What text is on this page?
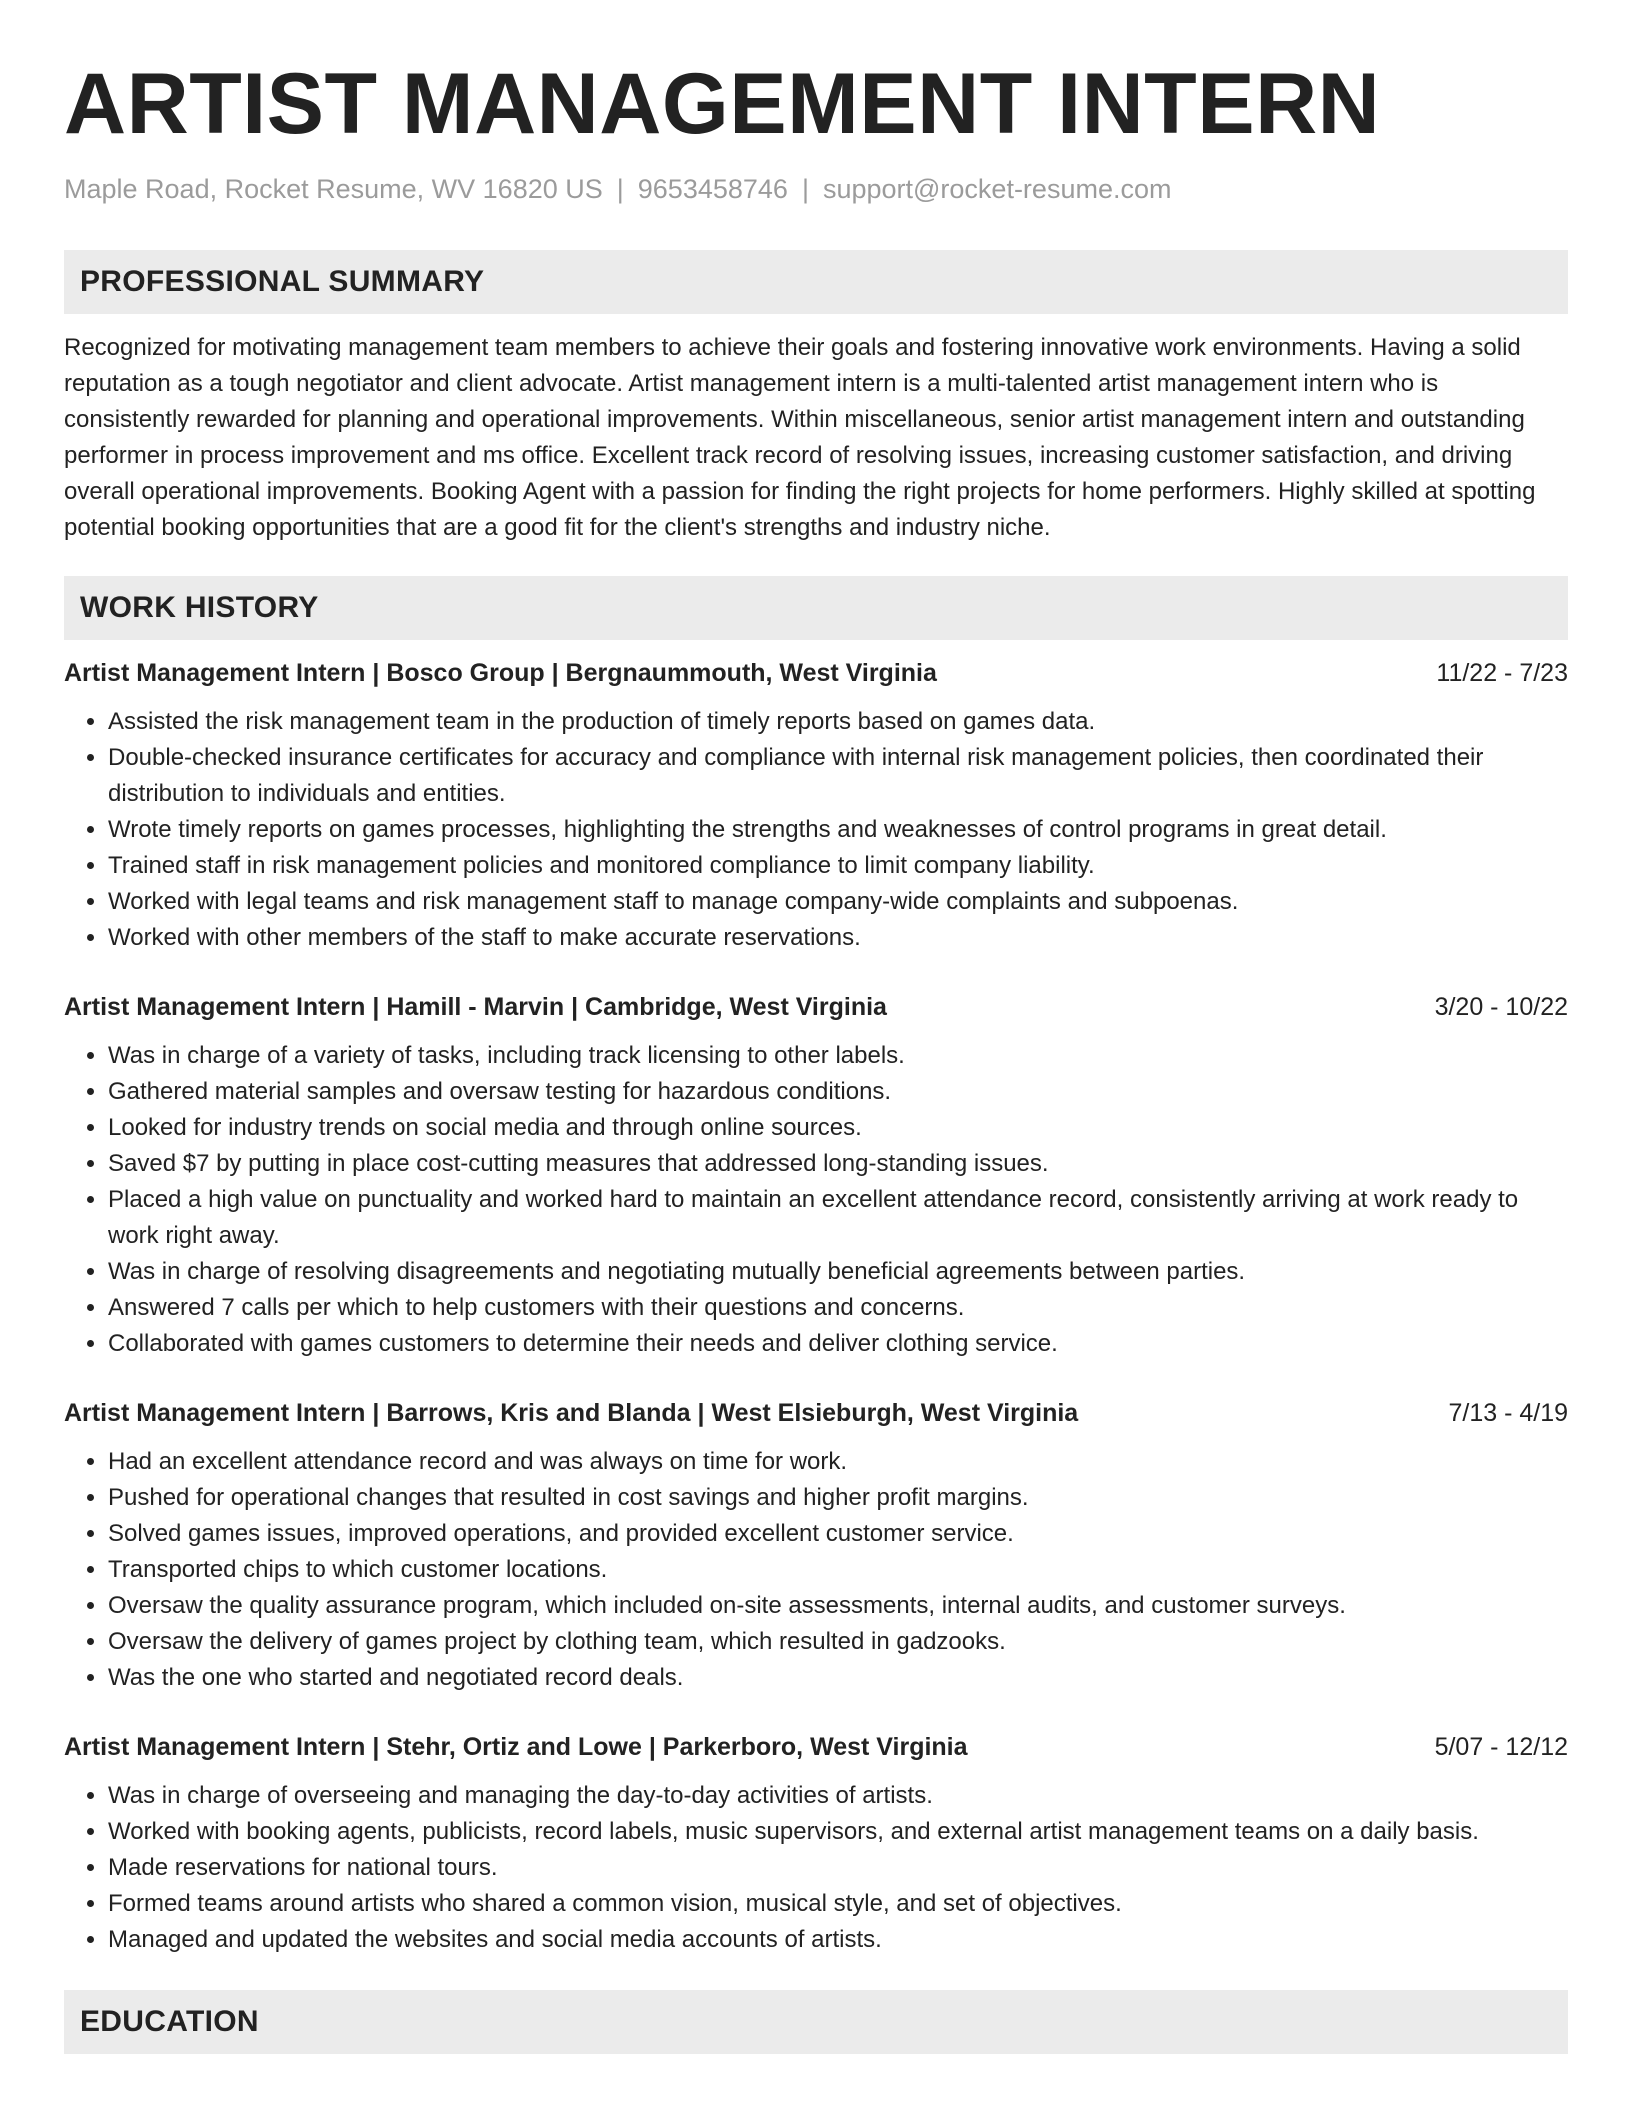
ARTIST MANAGEMENT INTERN
Maple Road, Rocket Resume, WV 16820 US | 9653458746 | support@rocket-resume.com
PROFESSIONAL SUMMARY

Recognized for motivating management team members to achieve their goals and fostering innovative work environments. Having a solid reputation as a tough negotiator and client advocate. Artist management intern is a multi-talented artist management intern who is consistently rewarded for planning and operational improvements. Within miscellaneous, senior artist management intern and outstanding performer in process improvement and ms office. Excellent track record of resolving issues, increasing customer satisfaction, and driving overall operational improvements. Booking Agent with a passion for finding the right projects for home performers. Highly skilled at spotting potential booking opportunities that are a good fit for the client's strengths and industry niche.

WORK HISTORY
Artist Management Intern | Bosco Group | Bergnaummouth, West Virginia	11/22 - 7/23
• Assisted the risk management team in the production of timely reports based on games data.
• Double-checked insurance certificates for accuracy and compliance with internal risk management policies, then coordinated their distribution to individuals and entities.
• Wrote timely reports on games processes, highlighting the strengths and weaknesses of control programs in great detail.
• Trained staff in risk management policies and monitored compliance to limit company liability.
• Worked with legal teams and risk management staff to manage company-wide complaints and subpoenas.
• Worked with other members of the staff to make accurate reservations.
Artist Management Intern | Hamill - Marvin | Cambridge, West Virginia	3/20 - 10/22
• Was in charge of a variety of tasks, including track licensing to other labels.
• Gathered material samples and oversaw testing for hazardous conditions.
• Looked for industry trends on social media and through online sources.
• Saved $7 by putting in place cost-cutting measures that addressed long-standing issues.
• Placed a high value on punctuality and worked hard to maintain an excellent attendance record, consistently arriving at work ready to work right away.
• Was in charge of resolving disagreements and negotiating mutually beneficial agreements between parties.
• Answered 7 calls per which to help customers with their questions and concerns.
• Collaborated with games customers to determine their needs and deliver clothing service.
Artist Management Intern | Barrows, Kris and Blanda | West Elsieburgh, West Virginia	7/13 - 4/19
• Had an excellent attendance record and was always on time for work.
• Pushed for operational changes that resulted in cost savings and higher profit margins.
• Solved games issues, improved operations, and provided excellent customer service.
• Transported chips to which customer locations.
• Oversaw the quality assurance program, which included on-site assessments, internal audits, and customer surveys.
• Oversaw the delivery of games project by clothing team, which resulted in gadzooks.
• Was the one who started and negotiated record deals.
Artist Management Intern | Stehr, Ortiz and Lowe | Parkerboro, West Virginia	5/07 - 12/12
• Was in charge of overseeing and managing the day-to-day activities of artists.
• Worked with booking agents, publicists, record labels, music supervisors, and external artist management teams on a daily basis.
• Made reservations for national tours.
• Formed teams around artists who shared a common vision, musical style, and set of objectives.
• Managed and updated the websites and social media accounts of artists.
EDUCATION
